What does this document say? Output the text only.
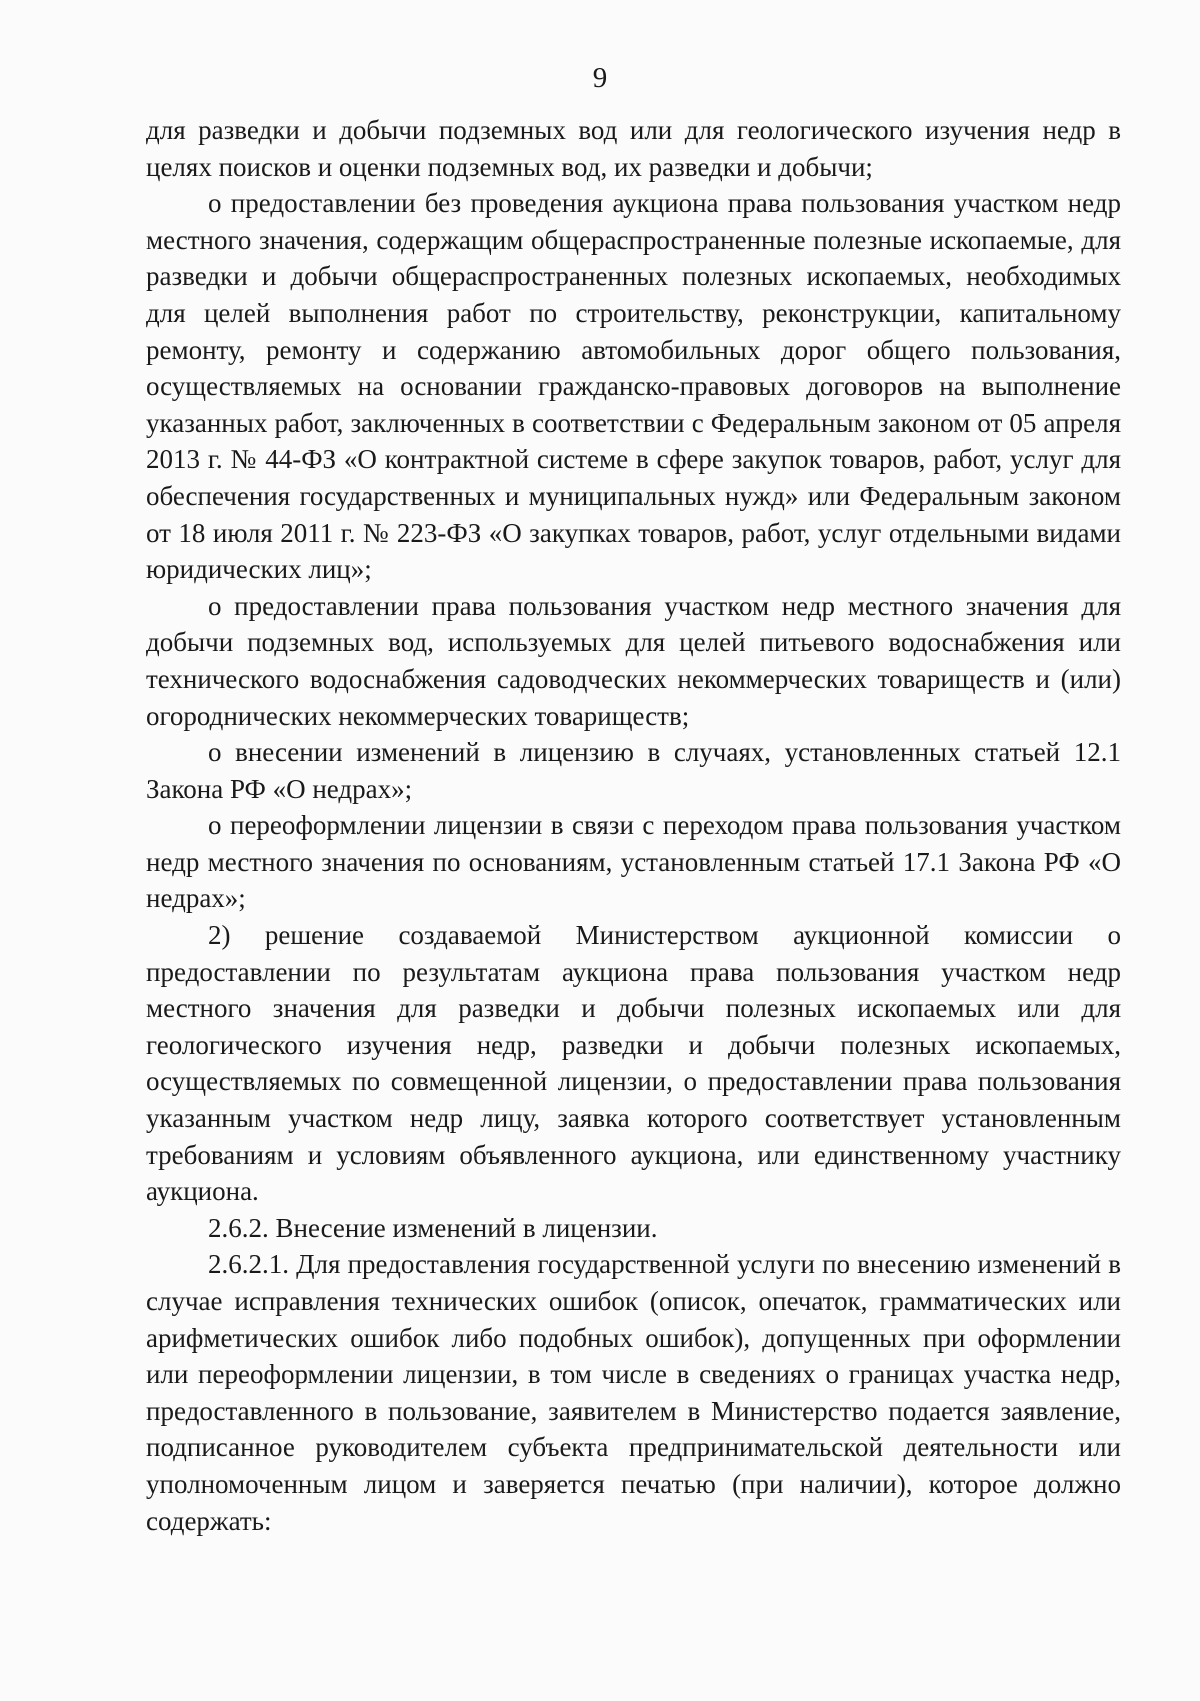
9

для разведки и добычи подземных вод или для геологического изучения недр в целях поисков и оценки подземных вод, их разведки и добычи;

о предоставлении без проведения аукциона права пользования участком недр местного значения, содержащим общераспространенные полезные ископаемые, для разведки и добычи общераспространенных полезных ископаемых, необходимых для целей выполнения работ по строительству, реконструкции, капитальному ремонту, ремонту и содержанию автомобильных дорог общего пользования, осуществляемых на основании гражданско-правовых договоров на выполнение указанных работ, заключенных в соответствии с Федеральным законом от 05 апреля 2013 г. № 44-ФЗ «О контрактной системе в сфере закупок товаров, работ, услуг для обеспечения государственных и муниципальных нужд» или Федеральным законом от 18 июля 2011 г. № 223-ФЗ «О закупках товаров, работ, услуг отдельными видами юридических лиц»;

о предоставлении права пользования участком недр местного значения для добычи подземных вод, используемых для целей питьевого водоснабжения или технического водоснабжения садоводческих некоммерческих товариществ и (или) огороднических некоммерческих товариществ;

о внесении изменений в лицензию в случаях, установленных статьей 12.1 Закона РФ «О недрах»;

о переоформлении лицензии в связи с переходом права пользования участком недр местного значения по основаниям, установленным статьей 17.1 Закона РФ «О недрах»;

2) решение создаваемой Министерством аукционной комиссии о предоставлении по результатам аукциона права пользования участком недр местного значения для разведки и добычи полезных ископаемых или для геологического изучения недр, разведки и добычи полезных ископаемых, осуществляемых по совмещенной лицензии, о предоставлении права пользования указанным участком недр лицу, заявка которого соответствует установленным требованиям и условиям объявленного аукциона, или единственному участнику аукциона.

2.6.2. Внесение изменений в лицензии.

2.6.2.1. Для предоставления государственной услуги по внесению изменений в случае исправления технических ошибок (описок, опечаток, грамматических или арифметических ошибок либо подобных ошибок), допущенных при оформлении или переоформлении лицензии, в том числе в сведениях о границах участка недр, предоставленного в пользование, заявителем в Министерство подается заявление, подписанное руководителем субъекта предпринимательской деятельности или уполномоченным лицом и заверяется печатью (при наличии), которое должно содержать:
